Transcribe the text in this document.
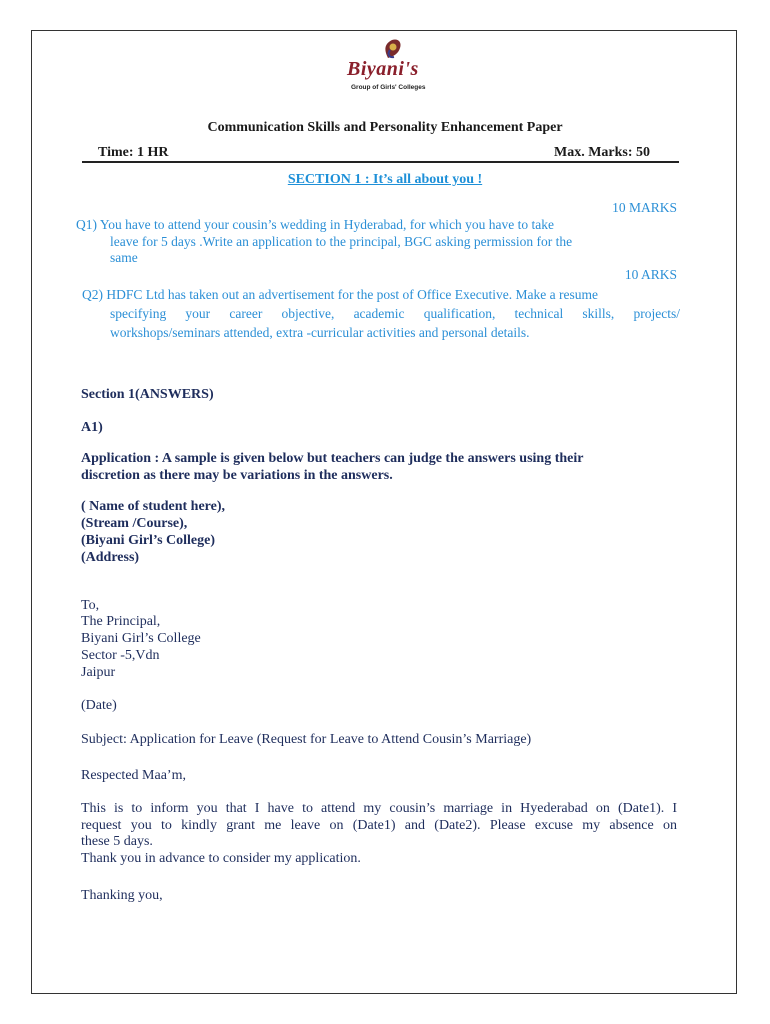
Biyani's
Group of Girls' Colleges
Communication Skills and Personality Enhancement Paper
Time: 1 HR	Max. Marks: 50
SECTION 1 : It’s all about you !
10 MARKS
Q1) You have to attend your cousin’s wedding in Hyderabad, for which you have to take
leave for 5 days .Write an application to the principal, BGC asking permission for the
same
10 ARKS
Q2) HDFC Ltd has taken out an advertisement for the post of Office Executive. Make a resume
specifying your career objective, academic qualification, technical skills, projects/
workshops/seminars attended, extra -curricular activities and personal details.
Section 1(ANSWERS)
A1)
Application : A sample is given below but teachers can judge the answers using their
discretion as there may be variations in the answers.
( Name of student here),
(Stream /Course),
(Biyani Girl’s College)
(Address)
To,
The Principal,
Biyani Girl’s College
Sector -5,Vdn
Jaipur
(Date)
Subject: Application for Leave (Request for Leave to Attend Cousin’s Marriage)
Respected Maa’m,
This is to inform you that I have to attend my cousin’s marriage in Hyederabad on (Date1). I
request you to kindly grant me leave on (Date1) and (Date2). Please excuse my absence on
these 5 days.
Thank you in advance to consider my application.
Thanking you,
